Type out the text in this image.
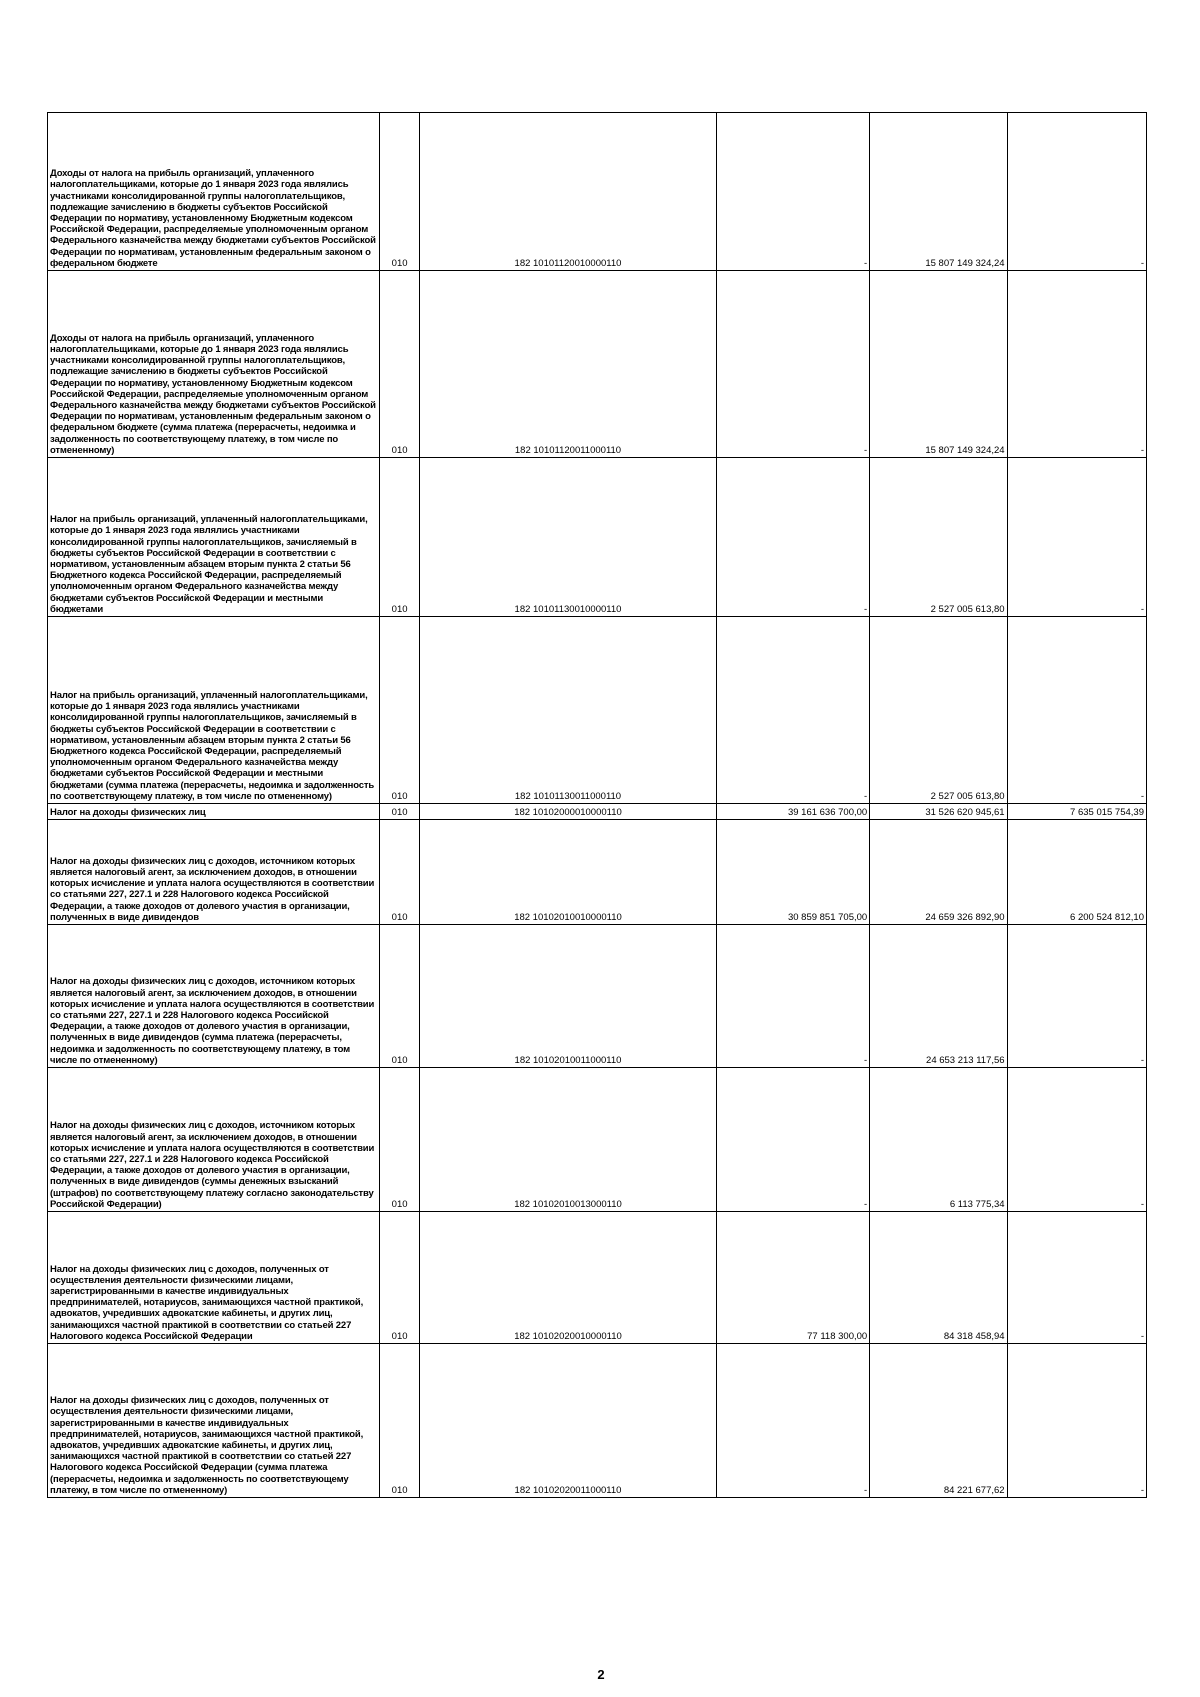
Доходы от налога на прибыль организаций, уплаченного налогоплательщиками, которые до 1 января 2023 года являлись участниками консолидированной группы налогоплательщиков, подлежащие зачислению в бюджеты субъектов Российской Федерации по нормативу, установленному Бюджетным кодексом Российской Федерации, распределяемые уполномоченным органом Федерального казначейства между бюджетами субъектов Российской Федерации по нормативам, установленным федеральным законом о федеральном бюджете	010	182 10101120010000110	-	15 807 149 324,24	-
Доходы от налога на прибыль организаций, уплаченного налогоплательщиками, которые до 1 января 2023 года являлись участниками консолидированной группы налогоплательщиков, подлежащие зачислению в бюджеты субъектов Российской Федерации по нормативу, установленному Бюджетным кодексом Российской Федерации, распределяемые уполномоченным органом Федерального казначейства между бюджетами субъектов Российской Федерации по нормативам, установленным федеральным законом о федеральном бюджете (сумма платежа (перерасчеты, недоимка и задолженность по соответствующему платежу, в том числе по отмененному)	010	182 10101120011000110	-	15 807 149 324,24	-
Налог на прибыль организаций, уплаченный налогоплательщиками, которые до 1 января 2023 года являлись участниками консолидированной группы налогоплательщиков, зачисляемый в бюджеты субъектов Российской Федерации в соответствии с нормативом, установленным абзацем вторым пункта 2 статьи 56 Бюджетного кодекса Российской Федерации, распределяемый уполномоченным органом Федерального казначейства между бюджетами субъектов Российской Федерации и местными бюджетами	010	182 10101130010000110	-	2 527 005 613,80	-
Налог на прибыль организаций, уплаченный налогоплательщиками, которые до 1 января 2023 года являлись участниками консолидированной группы налогоплательщиков, зачисляемый в бюджеты субъектов Российской Федерации в соответствии с нормативом, установленным абзацем вторым пункта 2 статьи 56 Бюджетного кодекса Российской Федерации, распределяемый уполномоченным органом Федерального казначейства между бюджетами субъектов Российской Федерации и местными бюджетами (сумма платежа (перерасчеты, недоимка и задолженность по соответствующему платежу, в том числе по отмененному)	010	182 10101130011000110	-	2 527 005 613,80	-
Налог на доходы физических лиц	010	182 10102000010000110	39 161 636 700,00	31 526 620 945,61	7 635 015 754,39
Налог на доходы физических лиц с доходов, источником которых является налоговый агент, за исключением доходов, в отношении которых исчисление и уплата налога осуществляются в соответствии со статьями 227, 227.1 и 228 Налогового кодекса Российской Федерации, а также доходов от долевого участия в организации, полученных в виде дивидендов	010	182 10102010010000110	30 859 851 705,00	24 659 326 892,90	6 200 524 812,10
Налог на доходы физических лиц с доходов, источником которых является налоговый агент, за исключением доходов, в отношении которых исчисление и уплата налога осуществляются в соответствии со статьями 227, 227.1 и 228 Налогового кодекса Российской Федерации, а также доходов от долевого участия в организации, полученных в виде дивидендов (сумма платежа (перерасчеты, недоимка и задолженность по соответствующему платежу, в том числе по отмененному)	010	182 10102010011000110	-	24 653 213 117,56	-
Налог на доходы физических лиц с доходов, источником которых является налоговый агент, за исключением доходов, в отношении которых исчисление и уплата налога осуществляются в соответствии со статьями 227, 227.1 и 228 Налогового кодекса Российской Федерации, а также доходов от долевого участия в организации, полученных в виде дивидендов (суммы денежных взысканий (штрафов) по соответствующему платежу согласно законодательству Российской Федерации)	010	182 10102010013000110	-	6 113 775,34	-
Налог на доходы физических лиц с доходов, полученных от осуществления деятельности физическими лицами, зарегистрированными в качестве индивидуальных предпринимателей, нотариусов, занимающихся частной практикой, адвокатов, учредивших адвокатские кабинеты, и других лиц, занимающихся частной практикой в соответствии со статьей 227 Налогового кодекса Российской Федерации	010	182 10102020010000110	77 118 300,00	84 318 458,94	-
Налог на доходы физических лиц с доходов, полученных от осуществления деятельности физическими лицами, зарегистрированными в качестве индивидуальных предпринимателей, нотариусов, занимающихся частной практикой, адвокатов, учредивших адвокатские кабинеты, и других лиц, занимающихся частной практикой в соответствии со статьей 227 Налогового кодекса Российской Федерации (сумма платежа (перерасчеты, недоимка и задолженность по соответствующему платежу, в том числе по отмененному)	010	182 10102020011000110	-	84 221 677,62	-
2
